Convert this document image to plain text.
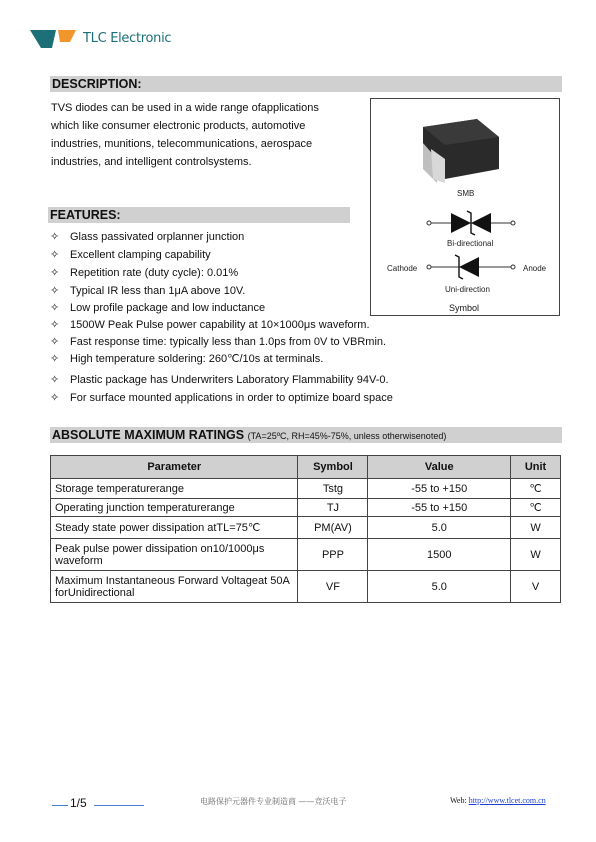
TLC Electronic
DESCRIPTION:
TVS diodes can be used in a wide range ofapplications
which like consumer electronic products, automotive
industries, munitions, telecommunications, aerospace
industries, and intelligent controlsystems.
SMB
Bi-directional
Cathode	Anode
Uni-direction
Symbol
FEATURES:
✧ Glass passivated orplanner junction
✧ Excellent clamping capability
✧ Repetition rate (duty cycle): 0.01%
✧ Typical IR less than 1μA above 10V.
✧ Low profile package and low inductance
✧ 1500W Peak Pulse power capability at 10×1000μs waveform.
✧ Fast response time: typically less than 1.0ps from 0V to VBRmin.
✧ High temperature soldering: 260℃/10s at terminals.
✧ Plastic package has Underwriters Laboratory Flammability 94V-0.
✧ For surface mounted applications in order to optimize board space
ABSOLUTE MAXIMUM RATINGS (TA=25ºC, RH=45%-75%, unless otherwisenoted)
Parameter	Symbol	Value	Unit
Storage temperaturerange	Tstg	-55 to +150	℃
Operating junction temperaturerange	TJ	-55 to +150	℃
Steady state power dissipation atTL=75℃	PM(AV)	5.0	W
Peak pulse power dissipation on10/1000μs waveform	PPP	1500	W
Maximum Instantaneous Forward Voltageat 50A forUnidirectional	VF	5.0	V
1/5	电路保护元器件专业制造商 ——竞沃电子	Web: http://www.tlcet.com.cn
